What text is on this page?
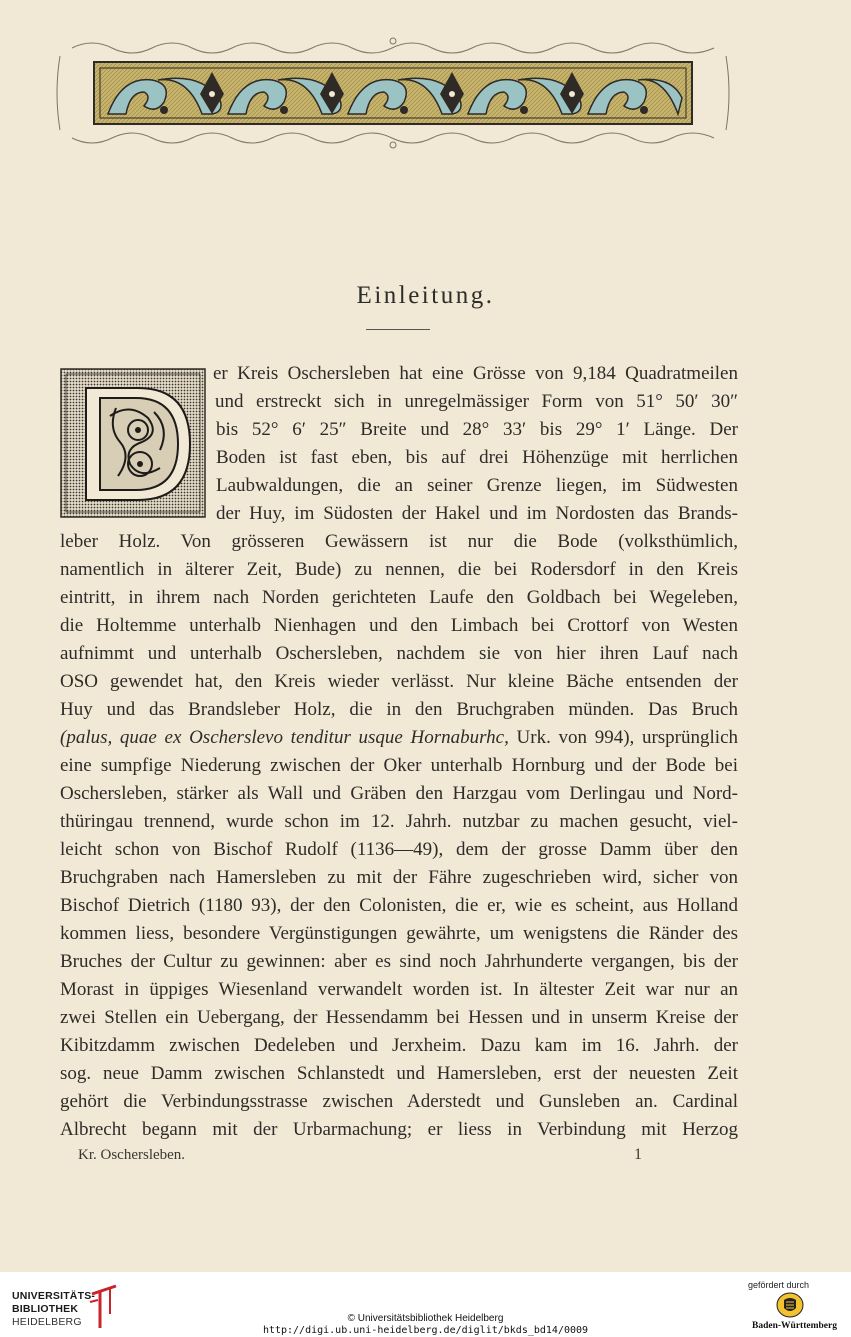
Einleitung.
er Kreis Oschersleben hat eine Grösse von 9,184 Quadratmeilen
und erstreckt sich in unregelmässiger Form von 51° 50′ 30″
bis 52° 6′ 25″ Breite und 28° 33′ bis 29° 1′ Länge. Der
Boden ist fast eben, bis auf drei Höhenzüge mit herrlichen
Laubwaldungen, die an seiner Grenze liegen, im Südwesten
der Huy, im Südosten der Hakel und im Nordosten das Brands-
leber Holz. Von grösseren Gewässern ist nur die Bode (volksthümlich,
namentlich in älterer Zeit, Bude) zu nennen, die bei Rodersdorf in den Kreis
eintritt, in ihrem nach Norden gerichteten Laufe den Goldbach bei Wegeleben,
die Holtemme unterhalb Nienhagen und den Limbach bei Crottorf von Westen
aufnimmt und unterhalb Oschersleben, nachdem sie von hier ihren Lauf nach
OSO gewendet hat, den Kreis wieder verlässt. Nur kleine Bäche entsenden der
Huy und das Brandsleber Holz, die in den Bruchgraben münden. Das Bruch
(palus, quae ex Oscherslevo tenditur usque Hornaburhc, Urk. von 994), ursprünglich
eine sumpfige Niederung zwischen der Oker unterhalb Hornburg und der Bode bei
Oschersleben, stärker als Wall und Gräben den Harzgau vom Derlingau und Nord-
thüringau trennend, wurde schon im 12. Jahrh. nutzbar zu machen gesucht, viel-
leicht schon von Bischof Rudolf (1136—49), dem der grosse Damm über den
Bruchgraben nach Hamersleben zu mit der Fähre zugeschrieben wird, sicher von
Bischof Dietrich (1180 93), der den Colonisten, die er, wie es scheint, aus Holland
kommen liess, besondere Vergünstigungen gewährte, um wenigstens die Ränder des
Bruches der Cultur zu gewinnen: aber es sind noch Jahrhunderte vergangen, bis der
Morast in üppiges Wiesenland verwandelt worden ist. In ältester Zeit war nur an
zwei Stellen ein Uebergang, der Hessendamm bei Hessen und in unserm Kreise der
Kibitzdamm zwischen Dedeleben und Jerxheim. Dazu kam im 16. Jahrh. der
sog. neue Damm zwischen Schlanstedt und Hamersleben, erst der neuesten Zeit
gehört die Verbindungsstrasse zwischen Aderstedt und Gunsleben an. Cardinal
Albrecht begann mit der Urbarmachung; er liess in Verbindung mit Herzog
Kr. Oschersleben.	1
UNIVERSITÄTS-
BIBLIOTHEK
HEIDELBERG	© Universitätsbibliothek Heidelberg
http://digi.ub.uni-heidelberg.de/diglit/bkds_bd14/0009
gefördert durch
Baden-Württemberg
